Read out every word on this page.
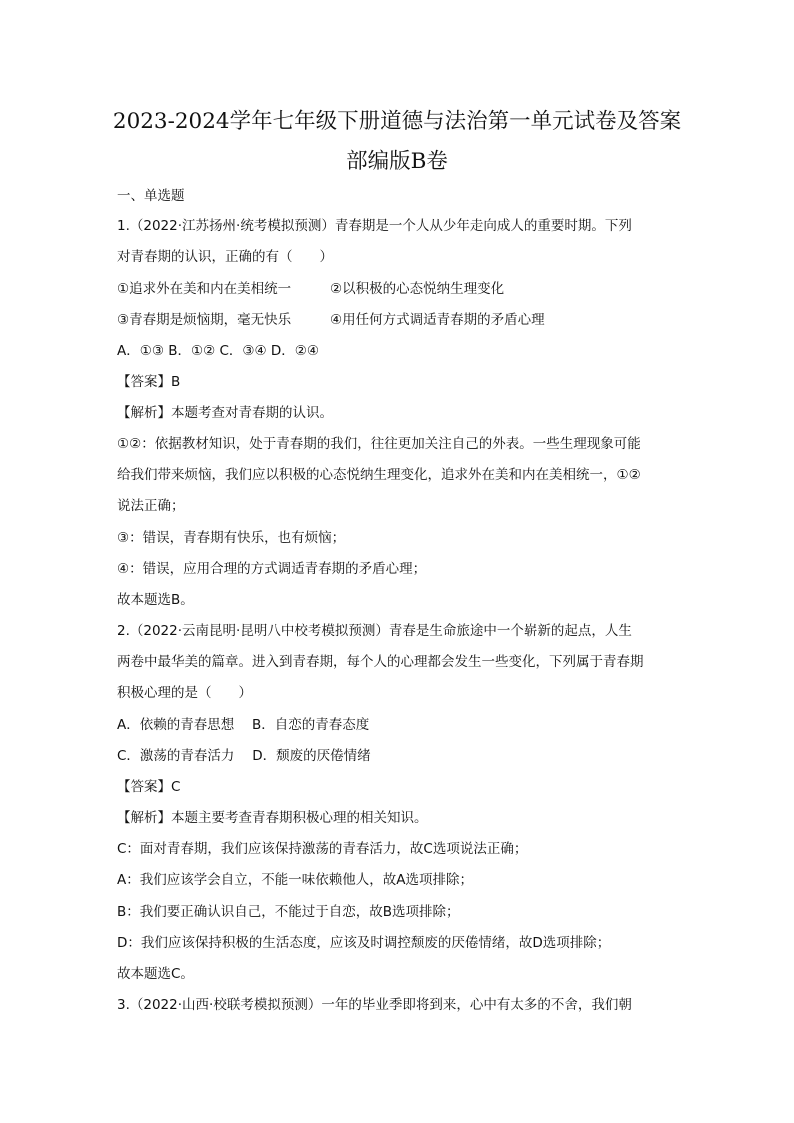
2023-2024学年七年级下册道德与法治第一单元试卷及答案
部编版B卷
一、单选题
1.（2022·江苏扬州·统考模拟预测）青春期是一个人从少年走向成人的重要时期。下列
对青春期的认识，正确的有（　　）
①追求外在美和内在美相统一	②以积极的心态悦纳生理变化
③青春期是烦恼期，毫无快乐	④用任何方式调适青春期的矛盾心理
A．①③ B．①② C．③④ D．②④
【答案】B
【解析】本题考查对青春期的认识。
①②：依据教材知识，处于青春期的我们，往往更加关注自己的外表。一些生理现象可能
给我们带来烦恼，我们应以积极的心态悦纳生理变化，追求外在美和内在美相统一，①②
说法正确；
③：错误，青春期有快乐，也有烦恼；
④：错误，应用合理的方式调适青春期的矛盾心理；
故本题选B。
2.（2022·云南昆明·昆明八中校考模拟预测）青春是生命旅途中一个崭新的起点，人生
两卷中最华美的篇章。进入到青春期，每个人的心理都会发生一些变化，下列属于青春期
积极心理的是（　　）
A．依赖的青春思想　 B．自恋的青春态度
C．激荡的青春活力　 D．颓废的厌倦情绪
【答案】C
【解析】本题主要考查青春期积极心理的相关知识。
C：面对青春期，我们应该保持激荡的青春活力，故C选项说法正确；
A：我们应该学会自立，不能一味依赖他人，故A选项排除；
B：我们要正确认识自己，不能过于自恋，故B选项排除；
D：我们应该保持积极的生活态度，应该及时调控颓废的厌倦情绪，故D选项排除；
故本题选C。
3.（2022·山西·校联考模拟预测）一年的毕业季即将到来，心中有太多的不舍，我们朝
